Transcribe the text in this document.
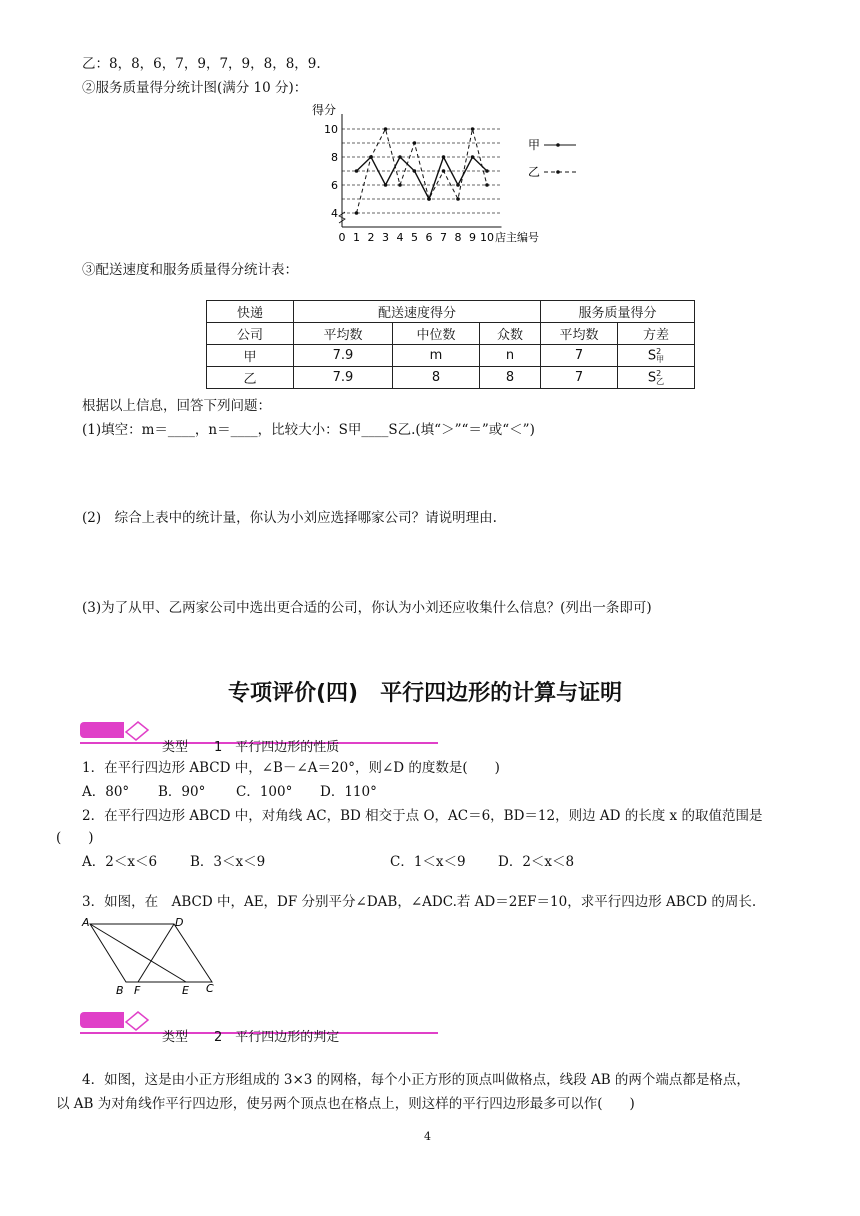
乙：8，8，6，7，9，7，9，8，8，9.
②服务质量得分统计图(满分 10 分)：
4
6
8
10
0 1 2 3 4 5 6 7 8 9 10
得分
店主编号
甲
乙
③配送速度和服务质量得分统计表：
快递	配送速度得分			服务质量得分	
公司	平均数	中位数	众数	平均数	方差
甲	7.9	m	n	7	S 2
甲

乙	7.9	8	8	7	S 2
乙
根据以上信息，回答下列问题：
(1)填空：m＝____，n＝____，比较大小：S甲____S乙.(填“＞”“＝”或“＜”)
(2)　综合上表中的统计量，你认为小刘应选择哪家公司？请说明理由.
(3)为了从甲、乙两家公司中选出更合适的公司，你认为小刘还应收集什么信息？(列出一条即可)
专项评价(四)　平行四边形的计算与证明
类型　　1　平行四边形的性质
1．在平行四边形 ABCD 中，∠B－∠A＝20°，则∠D 的度数是(　　)
A．80° B．90° C．100° D．110°
2．在平行四边形 ABCD 中，对角线 AC，BD 相交于点 O，AC＝6，BD＝12，则边 AD 的长度 x 的取值范围是
(　　)
A．2＜x＜6 B．3＜x＜9	C．1＜x＜9 D．2＜x＜8
3．如图，在　ABCD 中，AE，DF 分别平分∠DAB，∠ADC.若 AD＝2EF＝10，求平行四边形 ABCD 的周长.
A	D
B F	E C
类型　　2　平行四边形的判定
4．如图，这是由小正方形组成的 3×3 的网格，每个小正方形的顶点叫做格点，线段 AB 的两个端点都是格点，
以 AB 为对角线作平行四边形，使另两个顶点也在格点上，则这样的平行四边形最多可以作(　　)
4
